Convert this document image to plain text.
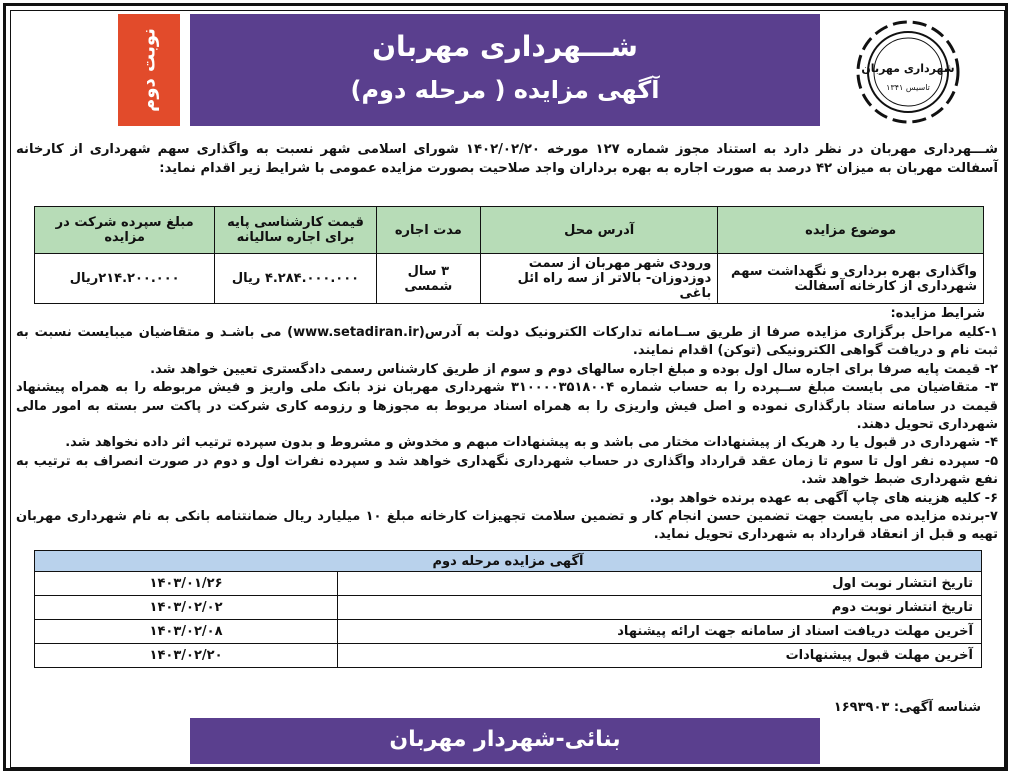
نوبت دوم	شـــهرداری مهربان
آگهی مزایده ( مرحله دوم)
شهرداری مهربان
تاسیس ۱۳۴۱

شـــهرداری مهربان در نظر دارد به استناد مجوز شماره ۱۲۷ مورخه ۱۴۰۲/۰۲/۲۰ شورای اسلامی شهر نسبت به واگذاری سهم شهرداری از کارخانه آسفالت مهربان به میزان ۴۲ درصد به صورت اجاره به بهره برداران واجد صلاحیت بصورت مزایده عمومی با شرایط زیر اقدام نماید:

موضوع مزایده	آدرس محل	مدت اجاره	قیمت کارشناسی پایه برای اجاره سالیانه	مبلغ سپرده شرکت در مزایده
واگذاری بهره برداری و نگهداشت سهم شهرداری از کارخانه آسفالت	ورودی شهر مهربان از سمت دوزدوزان- بالاتر از سه راه ائل باغی	۳ سال شمسی	۴.۲۸۴.۰۰۰.۰۰۰ ریال	۲۱۴.۲۰۰.۰۰۰ریال
شرایط مزایده:

۱-کلیه مراحل برگزاری مزایده صرفا از طریق ســامانه تدارکات الکترونیک دولت به آدرس(www.setadiran.ir) می باشـد و متقاضیان میبایست نسبت به ثبت نام و دریافت گواهی الکترونیکی (توکن) اقدام نمایند.

۲- قیمت پایه صرفا برای اجاره سال اول بوده و مبلغ اجاره سالهای دوم و سوم از طریق کارشناس رسمی دادگستری تعیین خواهد شد.

۳- متقاضیان می بایست مبلغ ســپرده را به حساب شماره ۳۱۰۰۰۰۳۵۱۸۰۰۴ شهرداری مهربان نزد بانک ملی واریز و فیش مربوطه را به همراه پیشنهاد قیمت در سامانه ستاد بارگذاری نموده و اصل فیش واریزی را به همراه اسناد مربوط به مجوزها و رزومه کاری شرکت در پاکت سر بسته به امور مالی شهرداری تحویل دهند.

۴- شهرداری در قبول یا رد هریک از پیشنهادات مختار می باشد و به پیشنهادات مبهم و مخدوش و مشروط و بدون سپرده ترتیب اثر داده نخواهد شد.

۵- سپرده نفر اول تا سوم تا زمان عقد قرارداد واگذاری در حساب شهرداری نگهداری خواهد شد و سپرده نفرات اول و دوم در صورت انصراف به ترتیب به نفع شهرداری ضبط خواهد شد.

۶- کلیه هزینه های چاپ آگهی به عهده برنده خواهد بود.

۷-برنده مزایده می بایست جهت تضمین حسن انجام کار و تضمین سلامت تجهیزات کارخانه مبلغ ۱۰ میلیارد ریال ضمانتنامه بانکی به نام شهرداری مهربان تهیه و قبل از انعقاد قرارداد به شهرداری تحویل نماید.

آگهی مزایده مرحله دوم	
تاریخ انتشار نوبت اول	۱۴۰۳/۰۱/۲۶
تاریخ انتشار نوبت دوم	۱۴۰۳/۰۲/۰۲
آخرین مهلت دریافت اسناد از سامانه جهت ارائه پیشنهاد	۱۴۰۳/۰۲/۰۸
آخرین مهلت قبول پیشنهادات	۱۴۰۳/۰۲/۲۰
شناسه آگهی: ۱۶۹۳۹۰۳
بنائی-شهردار مهربان
